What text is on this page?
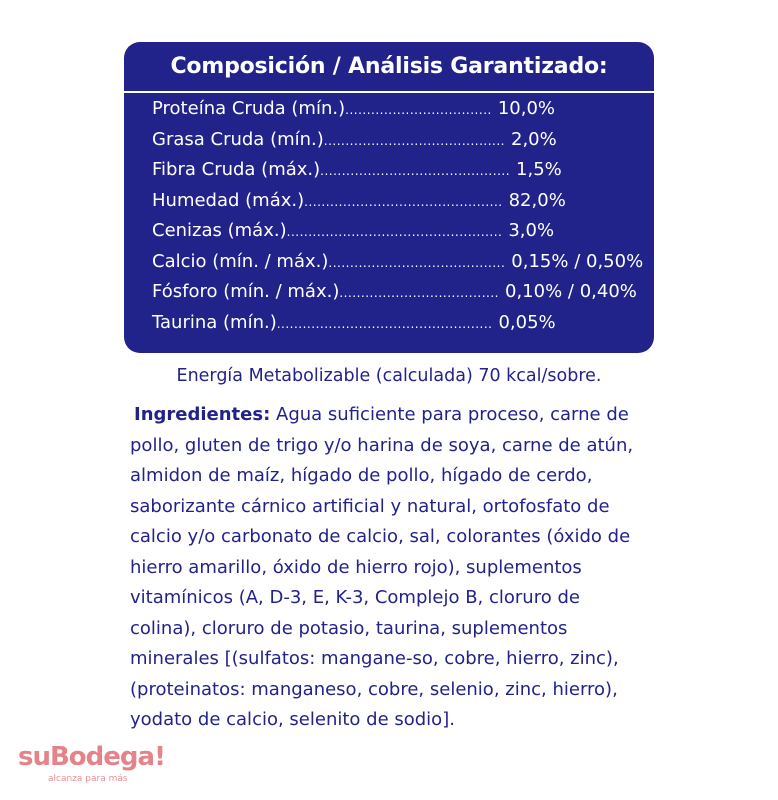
Composición / Análisis Garantizado:
Proteína Cruda (mín.) .................................. 10,0%
Grasa Cruda (mín.) .......................................... 2,0%
Fibra Cruda (máx.) ............................................ 1,5%
Humedad (máx.) .............................................. 82,0%
Cenizas (máx.) .................................................. 3,0%
Calcio (mín. / máx.) ......................................... 0,15% / 0,50%
Fósforo (mín. / máx.) ..................................... 0,10% / 0,40%
Taurina (mín.) .................................................. 0,05%
Energía Metabolizable (calculada) 70 kcal/sobre.
Ingredientes: Agua suficiente para proceso, carne de pollo, gluten de trigo y/o harina de soya, carne de atún, almidon de maíz, hígado de pollo, hígado de cerdo, saborizante cárnico artificial y natural, ortofosfato de calcio y/o carbonato de calcio, sal, colorantes (óxido de hierro amarillo, óxido de hierro rojo), suplementos vitamínicos (A, D-3, E, K-3, Complejo B, cloruro de colina), cloruro de potasio, taurina, suplementos minerales [(sulfatos: mangane-so, cobre, hierro, zinc), (proteinatos: manganeso, cobre, selenio, zinc, hierro), yodato de calcio, selenito de sodio].
suBodega!
alcanza para más
